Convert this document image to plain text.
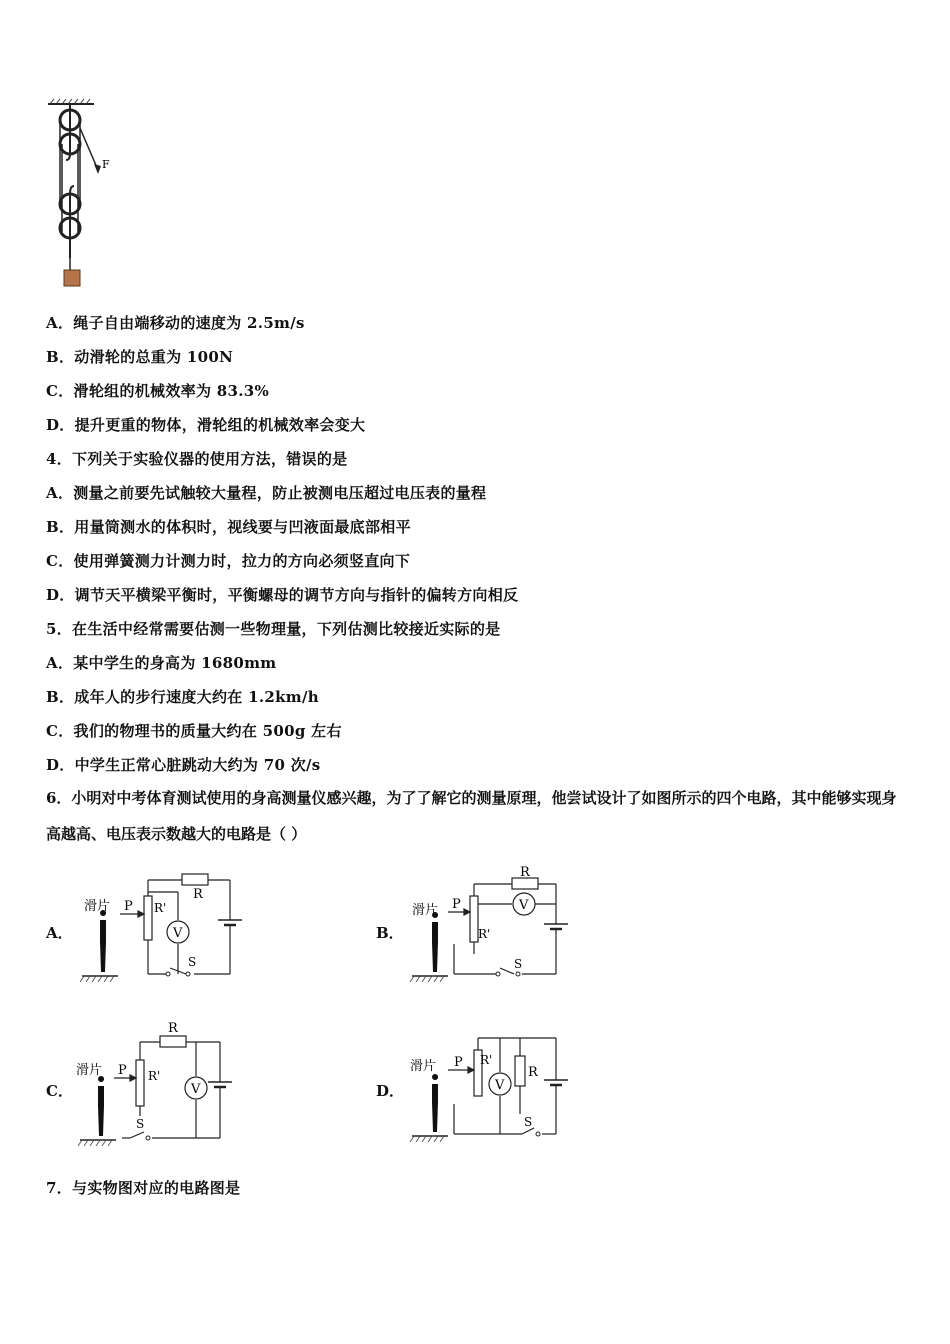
F
A．绳子自由端移动的速度为 2.5m/s
B．动滑轮的总重为 100N
C．滑轮组的机械效率为 83.3%
D．提升更重的物体，滑轮组的机械效率会变大
4．下列关于实验仪器的使用方法，错误的是
A．测量之前要先试触较大量程，防止被测电压超过电压表的量程
B．用量筒测水的体积时，视线要与凹液面最底部相平
C．使用弹簧测力计测力时，拉力的方向必须竖直向下
D．调节天平横梁平衡时，平衡螺母的调节方向与指针的偏转方向相反
5．在生活中经常需要估测一些物理量，下列估测比较接近实际的是
A．某中学生的身高为 1680mm
B．成年人的步行速度大约在 1.2km/h
C．我们的物理书的质量大约在 500g 左右
D．中学生正常心脏跳动大约为 70 次/s
6．小明对中考体育测试使用的身高测量仪感兴趣，为了了解它的测量原理，他尝试设计了如图所示的四个电路，其中能够实现身高越高、电压表示数越大的电路是（ ）
A．	B．
C．	D．
滑片 P R'
R
V
S
滑片 P
R'
R
V
S
滑片 P R'
R
V
S
滑片 P R'
R
V
S
7．与实物图对应的电路图是
